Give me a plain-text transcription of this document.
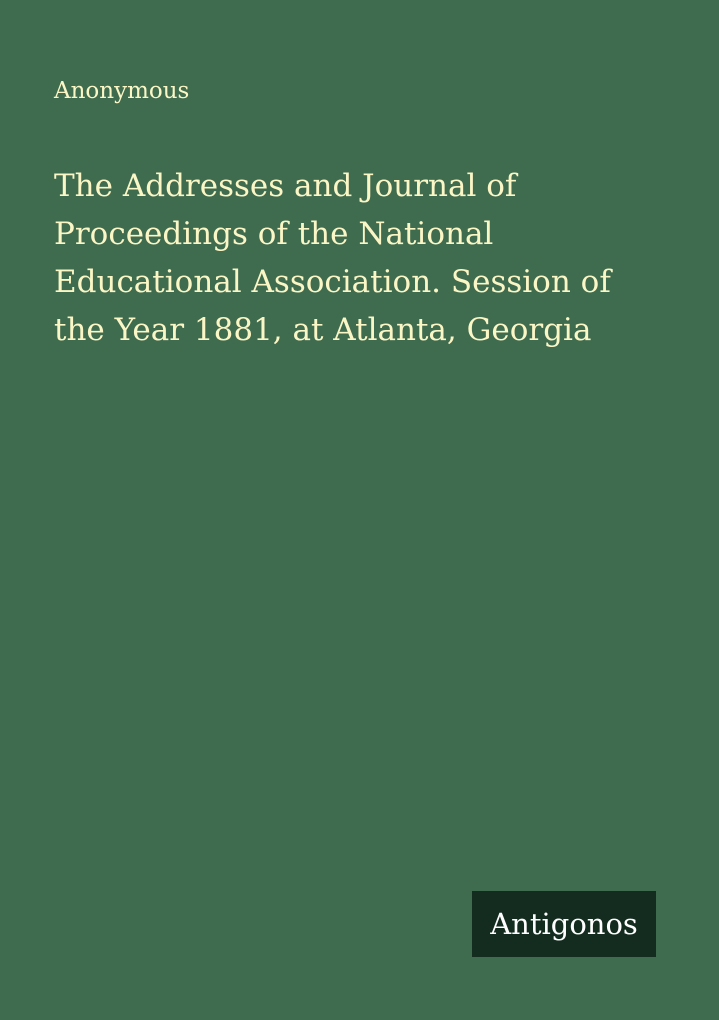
Anonymous
The Addresses and Journal of
Proceedings of the National
Educational Association. Session of
the Year 1881, at Atlanta, Georgia
Antigonos
